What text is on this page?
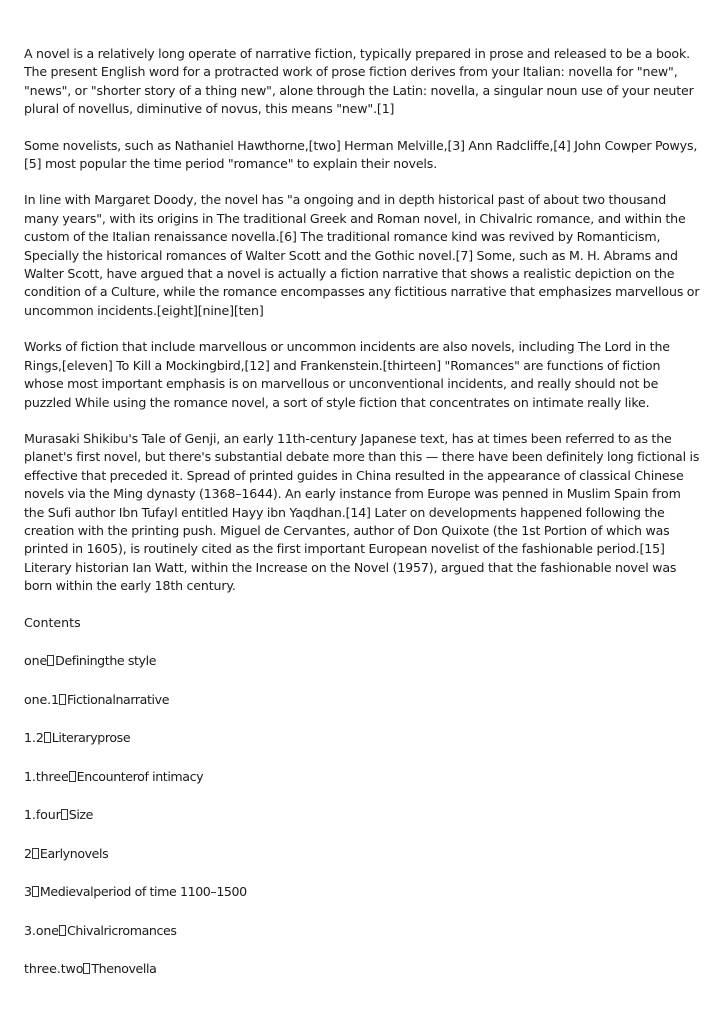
A novel is a relatively long operate of narrative fiction, typically prepared in prose and released to be a book. The present English word for a protracted work of prose fiction derives from your Italian: novella for "new", "news", or "shorter story of a thing new", alone through the Latin: novella, a singular noun use of your neuter plural of novellus, diminutive of novus, this means "new".[1]

Some novelists, such as Nathaniel Hawthorne,[two] Herman Melville,[3] Ann Radcliffe,[4] John Cowper Powys,[5] most popular the time period "romance" to explain their novels.

In line with Margaret Doody, the novel has "a ongoing and in depth historical past of about two thousand many years", with its origins in The traditional Greek and Roman novel, in Chivalric romance, and within the custom of the Italian renaissance novella.[6] The traditional romance kind was revived by Romanticism, Specially the historical romances of Walter Scott and the Gothic novel.[7] Some, such as M. H. Abrams and Walter Scott, have argued that a novel is actually a fiction narrative that shows a realistic depiction on the condition of a Culture, while the romance encompasses any fictitious narrative that emphasizes marvellous or uncommon incidents.[eight][nine][ten]

Works of fiction that include marvellous or uncommon incidents are also novels, including The Lord in the Rings,[eleven] To Kill a Mockingbird,[12] and Frankenstein.[thirteen] "Romances" are functions of fiction whose most important emphasis is on marvellous or unconventional incidents, and really should not be puzzled While using the romance novel, a sort of style fiction that concentrates on intimate really like.

Murasaki Shikibu's Tale of Genji, an early 11th-century Japanese text, has at times been referred to as the planet's first novel, but there's substantial debate more than this — there have been definitely long fictional is effective that preceded it. Spread of printed guides in China resulted in the appearance of classical Chinese novels via the Ming dynasty (1368–1644). An early instance from Europe was penned in Muslim Spain from the Sufi author Ibn Tufayl entitled Hayy ibn Yaqdhan.[14] Later on developments happened following the creation with the printing push. Miguel de Cervantes, author of Don Quixote (the 1st Portion of which was printed in 1605), is routinely cited as the first important European novelist of the fashionable period.[15] Literary historian Ian Watt, within the Increase on the Novel (1957), argued that the fashionable novel was born within the early 18th century.

Contents
one Definingthe style
one.1 Fictionalnarrative
1.2 Literaryprose
1.three Encounterof intimacy
1.four Size
2 Earlynovels
3 Medievalperiod of time 1100–1500
3.one Chivalricromances
three.two Thenovella
